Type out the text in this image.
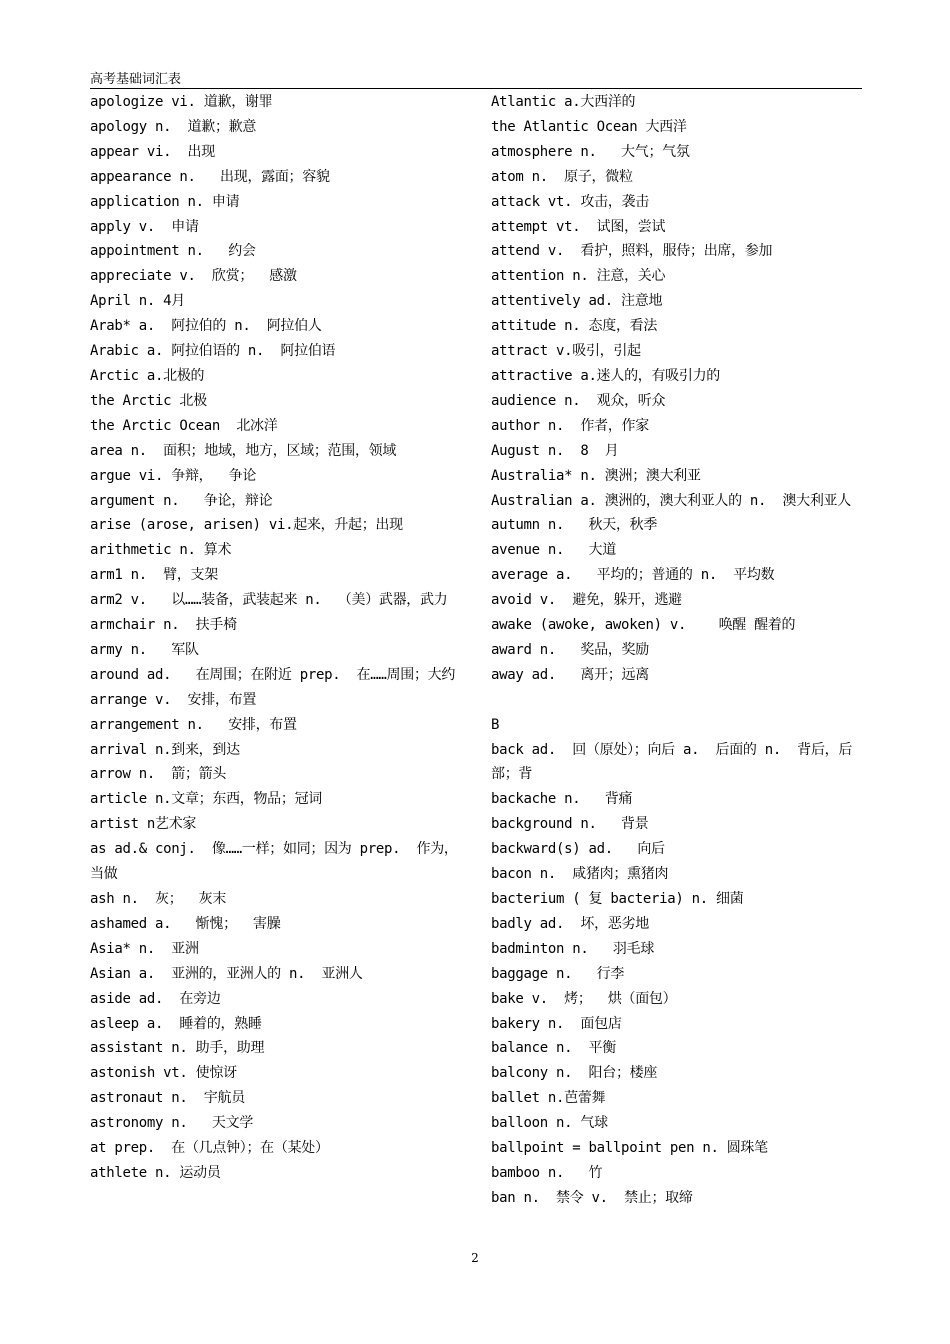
高考基础词汇表

apologize vi. 道歉，谢罪

apology n.  道歉；歉意

appear vi.  出现

appearance n.   出现，露面；容貌

application n. 申请

apply v.  申请

appointment n.   约会

appreciate v.  欣赏；  感激

April n. 4月

Arab* a.  阿拉伯的 n.  阿拉伯人

Arabic a. 阿拉伯语的 n.  阿拉伯语

Arctic a.北极的

the Arctic 北极

the Arctic Ocean  北冰洋

area n.  面积；地域，地方，区域；范围，领域

argue vi. 争辩，  争论

argument n.   争论，辩论

arise (arose, arisen) vi.起来，升起；出现

arithmetic n. 算术

arm1 n.  臂，支架

arm2 v.   以……装备，武装起来 n.  （美）武器，武力

armchair n.  扶手椅

army n.   军队

around ad.   在周围；在附近 prep.  在……周围；大约

arrange v.  安排，布置

arrangement n.   安排，布置

arrival n.到来，到达

arrow n.  箭；箭头

article n.文章；东西，物品；冠词

artist n艺术家

as ad.& conj.  像……一样；如同；因为 prep.  作为，当做

ash n.  灰；  灰末

ashamed a.   惭愧；  害臊

Asia* n.  亚洲

Asian a.  亚洲的，亚洲人的 n.  亚洲人

aside ad.  在旁边

asleep a.  睡着的，熟睡

assistant n. 助手，助理

astonish vt. 使惊讶

astronaut n.  宇航员

astronomy n.   天文学

at prep.  在（几点钟）；在（某处）

athlete n. 运动员

Atlantic a.大西洋的

the Atlantic Ocean 大西洋

atmosphere n.   大气；气氛

atom n.  原子，微粒

attack vt. 攻击，袭击

attempt vt.  试图，尝试

attend v.  看护，照料，服侍；出席，参加

attention n. 注意，关心

attentively ad. 注意地

attitude n. 态度，看法

attract v.吸引，引起

attractive a.迷人的，有吸引力的

audience n.  观众，听众

author n.  作者，作家

August n.  8  月

Australia* n. 澳洲；澳大利亚

Australian a. 澳洲的，澳大利亚人的 n.  澳大利亚人

autumn n.   秋天，秋季

avenue n.   大道

average a.   平均的；普通的 n.  平均数

avoid v.  避免，躲开，逃避

awake (awoke, awoken) v.    唤醒 醒着的

award n.   奖品，奖励

away ad.   离开；远离

B

back ad.  回（原处）；向后 a.  后面的 n.  背后，后部；背

backache n.   背痛

background n.   背景

backward(s) ad.   向后

bacon n.  咸猪肉；熏猪肉

bacterium ( 复 bacteria) n. 细菌

badly ad.  坏，恶劣地

badminton n.   羽毛球

baggage n.   行李

bake v.  烤；  烘（面包）

bakery n.  面包店

balance n.  平衡

balcony n.  阳台；楼座

ballet n.芭蕾舞

balloon n. 气球

ballpoint = ballpoint pen n. 圆珠笔

bamboo n.   竹

ban n.  禁令 v.  禁止；取缔

2
